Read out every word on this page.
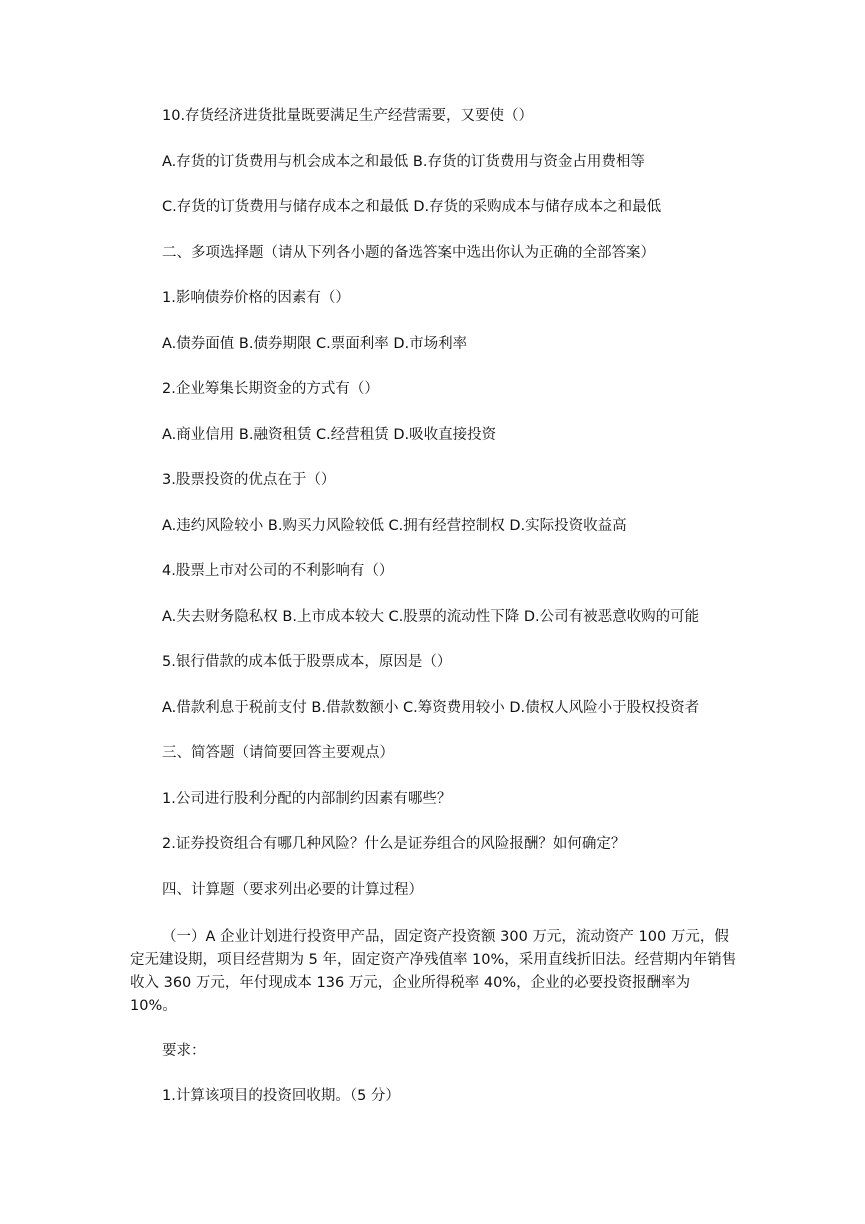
10.存货经济进货批量既要满足生产经营需要，又要使（）

A.存货的订货费用与机会成本之和最低 B.存货的订货费用与资金占用费相等

C.存货的订货费用与储存成本之和最低 D.存货的采购成本与储存成本之和最低

二、多项选择题（请从下列各小题的备选答案中选出你认为正确的全部答案）

1.影响债券价格的因素有（）

A.债券面值 B.债券期限 C.票面利率 D.市场利率

2.企业筹集长期资金的方式有（）

A.商业信用 B.融资租赁 C.经营租赁 D.吸收直接投资

3.股票投资的优点在于（）

A.违约风险较小 B.购买力风险较低 C.拥有经营控制权 D.实际投资收益高

4.股票上市对公司的不利影响有（）

A.失去财务隐私权 B.上市成本较大 C.股票的流动性下降 D.公司有被恶意收购的可能

5.银行借款的成本低于股票成本，原因是（）

A.借款利息于税前支付 B.借款数额小 C.筹资费用较小 D.债权人风险小于股权投资者

三、简答题（请简要回答主要观点）

1.公司进行股利分配的内部制约因素有哪些？

2.证券投资组合有哪几种风险？什么是证券组合的风险报酬？如何确定？

四、计算题（要求列出必要的计算过程）

（一）A 企业计划进行投资甲产品，固定资产投资额 300 万元，流动资产 100 万元，假定无建设期，项目经营期为 5 年，固定资产净残值率 10%，采用直线折旧法。经营期内年销售收入 360 万元，年付现成本 136 万元，企业所得税率 40%，企业的必要投资报酬率为 10%。

要求：

1.计算该项目的投资回收期。（5 分）
